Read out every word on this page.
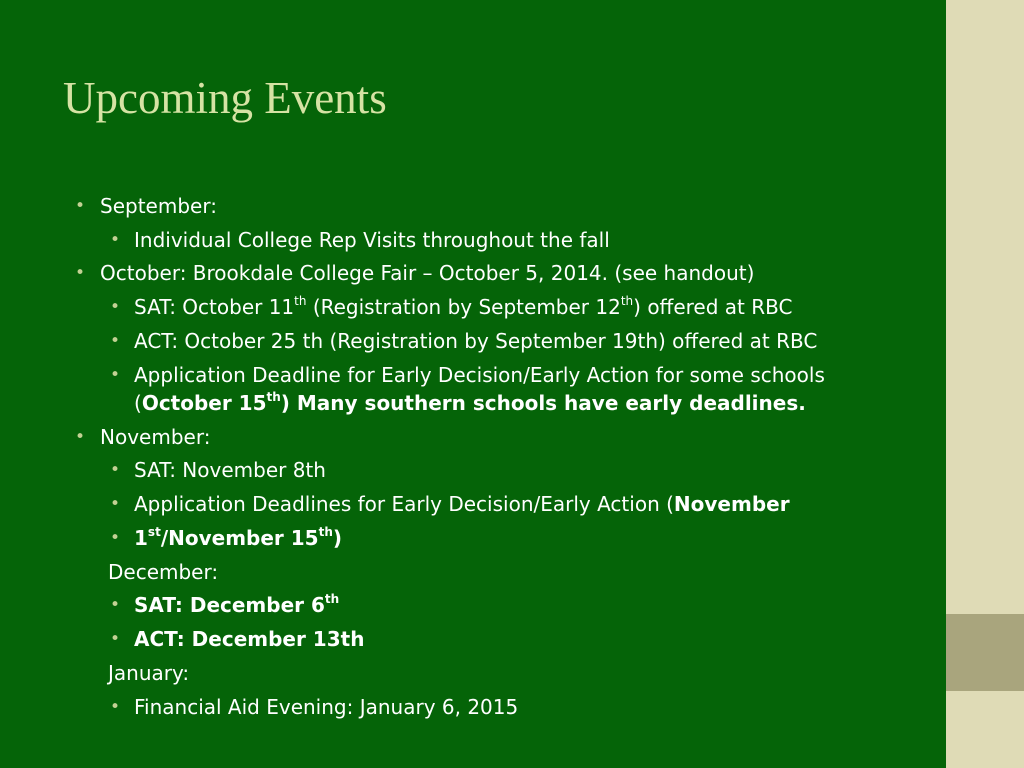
Upcoming Events
• September:
• Individual College Rep Visits throughout the fall
• October: Brookdale College Fair – October 5, 2014. (see handout)
• SAT: October 11th (Registration by September 12th) offered at RBC
• ACT: October 25 th (Registration by September 19th) offered at RBC
• Application Deadline for Early Decision/Early Action for some schools
(October 15th) Many southern schools have early deadlines.
• November:
• SAT: November 8th
• Application Deadlines for Early Decision/Early Action (November
• 1st/November 15th)
December:
• SAT: December 6th
• ACT: December 13th
January:
• Financial Aid Evening: January 6, 2015
